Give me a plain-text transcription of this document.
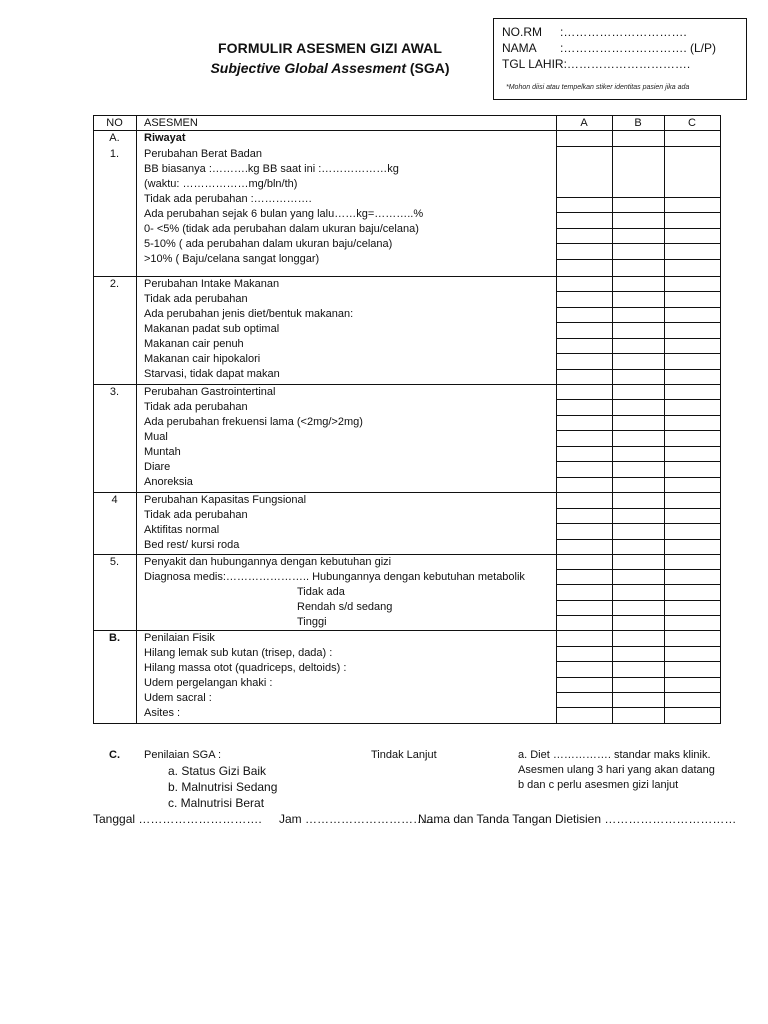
FORMULIR ASESMEN GIZI AWAL
Subjective Global Assesment (SGA)
NO.RM :………………………….
NAMA :…………………………. (L/P)
TGL LAHIR:………………………….
*Mohon diisi atau tempelkan stiker identitas pasien jika ada
NO	ASESMEN	A	B	C
A.	Riwayat
1.	Perubahan Berat Badan
BB biasanya :……….kg BB saat ini :………………kg
(waktu: ………………mg/bln/th)
Tidak ada perubahan :…………….
Ada perubahan sejak 6 bulan yang lalu……kg=………..%
0- <5% (tidak ada perubahan dalam ukuran baju/celana)
5-10% ( ada perubahan dalam ukuran baju/celana)
>10% ( Baju/celana sangat longgar)
2.	Perubahan Intake Makanan
Tidak ada perubahan
Ada perubahan jenis diet/bentuk makanan:
Makanan padat sub optimal
Makanan cair penuh
Makanan cair hipokalori
Starvasi, tidak dapat makan
3.	Perubahan Gastrointertinal
Tidak ada perubahan
Ada perubahan frekuensi lama (<2mg/>2mg)
Mual
Muntah
Diare
Anoreksia
4	Perubahan Kapasitas Fungsional
Tidak ada perubahan
Aktifitas normal
Bed rest/ kursi roda
5.	Penyakit dan hubungannya dengan kebutuhan gizi
Diagnosa medis:………………….. Hubungannya dengan kebutuhan metabolik
Tidak ada
Rendah s/d sedang
Tinggi
B.	Penilaian Fisik
Hilang lemak sub kutan (trisep, dada) :
Hilang massa otot (quadriceps, deltoids) :
Udem pergelangan khaki :
Udem sacral :
Asites :
C.	Penilaian SGA :
a. Status Gizi Baik
b. Malnutrisi Sedang
c. Malnutrisi Berat
Tindak Lanjut	a. Diet ……………. standar maks klinik.
Asesmen ulang 3 hari yang akan datang
b dan c perlu asesmen gizi lanjut
Tanggal …………………………. Jam ……………………………
Nama dan Tanda Tangan Dietisien ……………………………
